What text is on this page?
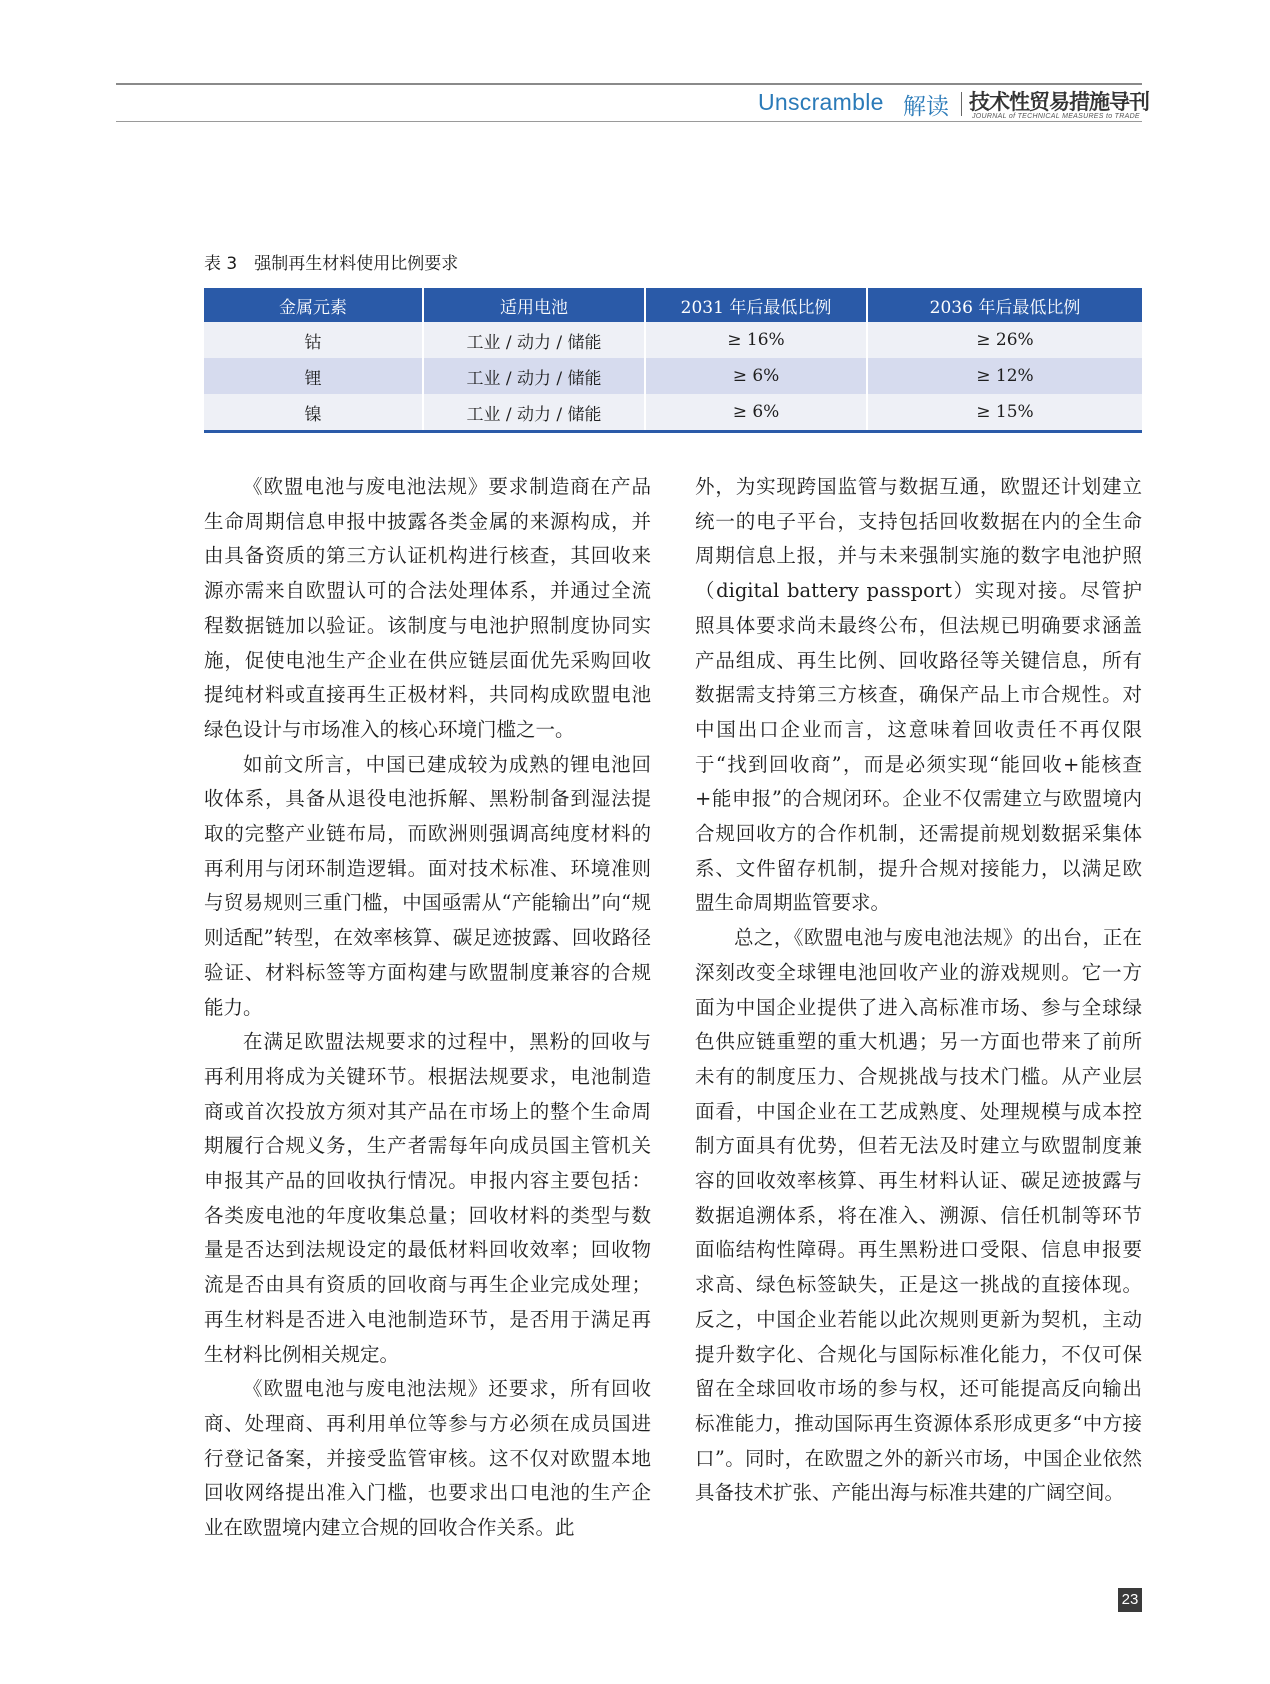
Unscramble 解读 技术性贸易措施导刊
JOURNAL of TECHNICAL MEASURES to TRADE
表 3　强制再生材料使用比例要求
金属元素	适用电池	2031 年后最低比例	2036 年后最低比例
钴	工业 / 动力 / 储能	≥ 16%	≥ 26%
锂	工业 / 动力 / 储能	≥ 6%	≥ 12%
镍	工业 / 动力 / 储能	≥ 6%	≥ 15%

《欧盟电池与废电池法规》要求制造商在产品生命周期信息申报中披露各类金属的来源构成，并由具备资质的第三方认证机构进行核查，其回收来源亦需来自欧盟认可的合法处理体系，并通过全流程数据链加以验证。该制度与电池护照制度协同实施，促使电池生产企业在供应链层面优先采购回收提纯材料或直接再生正极材料，共同构成欧盟电池绿色设计与市场准入的核心环境门槛之一。

如前文所言，中国已建成较为成熟的锂电池回收体系，具备从退役电池拆解、黑粉制备到湿法提取的完整产业链布局，而欧洲则强调高纯度材料的再利用与闭环制造逻辑。面对技术标准、环境准则与贸易规则三重门槛，中国亟需从“产能输出”向“规则适配”转型，在效率核算、碳足迹披露、回收路径验证、材料标签等方面构建与欧盟制度兼容的合规能力。

在满足欧盟法规要求的过程中，黑粉的回收与再利用将成为关键环节。根据法规要求，电池制造商或首次投放方须对其产品在市场上的整个生命周期履行合规义务，生产者需每年向成员国主管机关申报其产品的回收执行情况。申报内容主要包括：各类废电池的年度收集总量；回收材料的类型与数量是否达到法规设定的最低材料回收效率；回收物流是否由具有资质的回收商与再生企业完成处理；再生材料是否进入电池制造环节，是否用于满足再生材料比例相关规定。

《欧盟电池与废电池法规》还要求，所有回收商、处理商、再利用单位等参与方必须在成员国进行登记备案，并接受监管审核。这不仅对欧盟本地回收网络提出准入门槛，也要求出口电池的生产企业在欧盟境内建立合规的回收合作关系。此

外，为实现跨国监管与数据互通，欧盟还计划建立统一的电子平台，支持包括回收数据在内的全生命周期信息上报，并与未来强制实施的数字电池护照（digital battery passport）实现对接。尽管护照具体要求尚未最终公布，但法规已明确要求涵盖产品组成、再生比例、回收路径等关键信息，所有数据需支持第三方核查，确保产品上市合规性。对中国出口企业而言，这意味着回收责任不再仅限于“找到回收商”，而是必须实现“能回收+能核查+能申报”的合规闭环。企业不仅需建立与欧盟境内合规回收方的合作机制，还需提前规划数据采集体系、文件留存机制，提升合规对接能力，以满足欧盟生命周期监管要求。

总之，《欧盟电池与废电池法规》的出台，正在深刻改变全球锂电池回收产业的游戏规则。它一方面为中国企业提供了进入高标准市场、参与全球绿色供应链重塑的重大机遇；另一方面也带来了前所未有的制度压力、合规挑战与技术门槛。从产业层面看，中国企业在工艺成熟度、处理规模与成本控制方面具有优势，但若无法及时建立与欧盟制度兼容的回收效率核算、再生材料认证、碳足迹披露与数据追溯体系，将在准入、溯源、信任机制等环节面临结构性障碍。再生黑粉进口受限、信息申报要求高、绿色标签缺失，正是这一挑战的直接体现。反之，中国企业若能以此次规则更新为契机，主动提升数字化、合规化与国际标准化能力，不仅可保留在全球回收市场的参与权，还可能提高反向输出标准能力，推动国际再生资源体系形成更多“中方接口”。同时，在欧盟之外的新兴市场，中国企业依然具备技术扩张、产能出海与标准共建的广阔空间。

23
